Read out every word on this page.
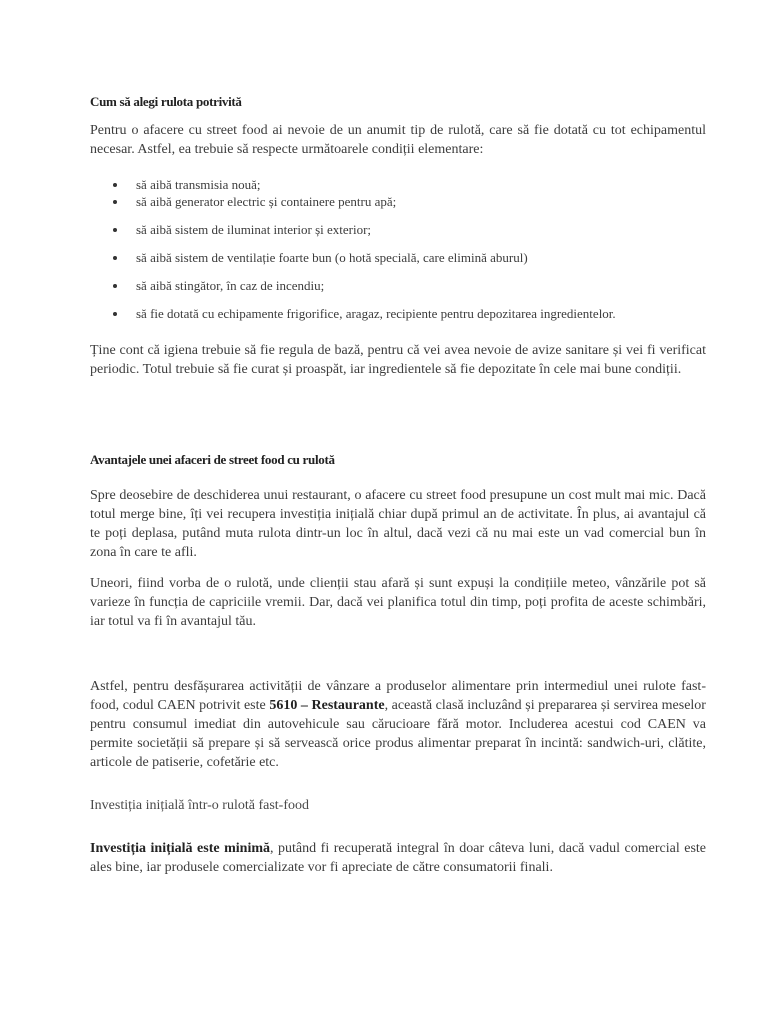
Cum să alegi rulota potrivită

Pentru o afacere cu street food ai nevoie de un anumit tip de rulotă, care să fie dotată cu tot echipamentul necesar. Astfel, ea trebuie să respecte următoarele condiții elementare:

să aibă transmisia nouă;
să aibă generator electric și containere pentru apă;
să aibă sistem de iluminat interior și exterior;
să aibă sistem de ventilație foarte bun (o hotă specială, care elimină aburul)
să aibă stingător, în caz de incendiu;
să fie dotată cu echipamente frigorifice, aragaz, recipiente pentru depozitarea ingredientelor.

Ține cont că igiena trebuie să fie regula de bază, pentru că vei avea nevoie de avize sanitare și vei fi verificat periodic. Totul trebuie să fie curat și proaspăt, iar ingredientele să fie depozitate în cele mai bune condiții.

Avantajele unei afaceri de street food cu rulotă

Spre deosebire de deschiderea unui restaurant, o afacere cu street food presupune un cost mult mai mic. Dacă totul merge bine, îți vei recupera investiția inițială chiar după primul an de activitate. În plus, ai avantajul că te poți deplasa, putând muta rulota dintr-un loc în altul, dacă vezi că nu mai este un vad comercial bun în zona în care te afli.

Uneori, fiind vorba de o rulotă, unde clienții stau afară și sunt expuși la condițiile meteo, vânzările pot să varieze în funcția de capriciile vremii. Dar, dacă vei planifica totul din timp, poți profita de aceste schimbări, iar totul va fi în avantajul tău.

Astfel, pentru desfășurarea activității de vânzare a produselor alimentare prin intermediul unei rulote fast-food, codul CAEN potrivit este 5610 – Restaurante, această clasă incluzând și prepararea și servirea meselor pentru consumul imediat din autovehicule sau cărucioare fără motor. Includerea acestui cod CAEN va permite societății să prepare și să servească orice produs alimentar preparat în incintă: sandwich-uri, clătite, articole de patiserie, cofetărie etc.

Investiția inițială într-o rulotă fast-food

Investiția inițială este minimă, putând fi recuperată integral în doar câteva luni, dacă vadul comercial este ales bine, iar produsele comercializate vor fi apreciate de către consumatorii finali.
